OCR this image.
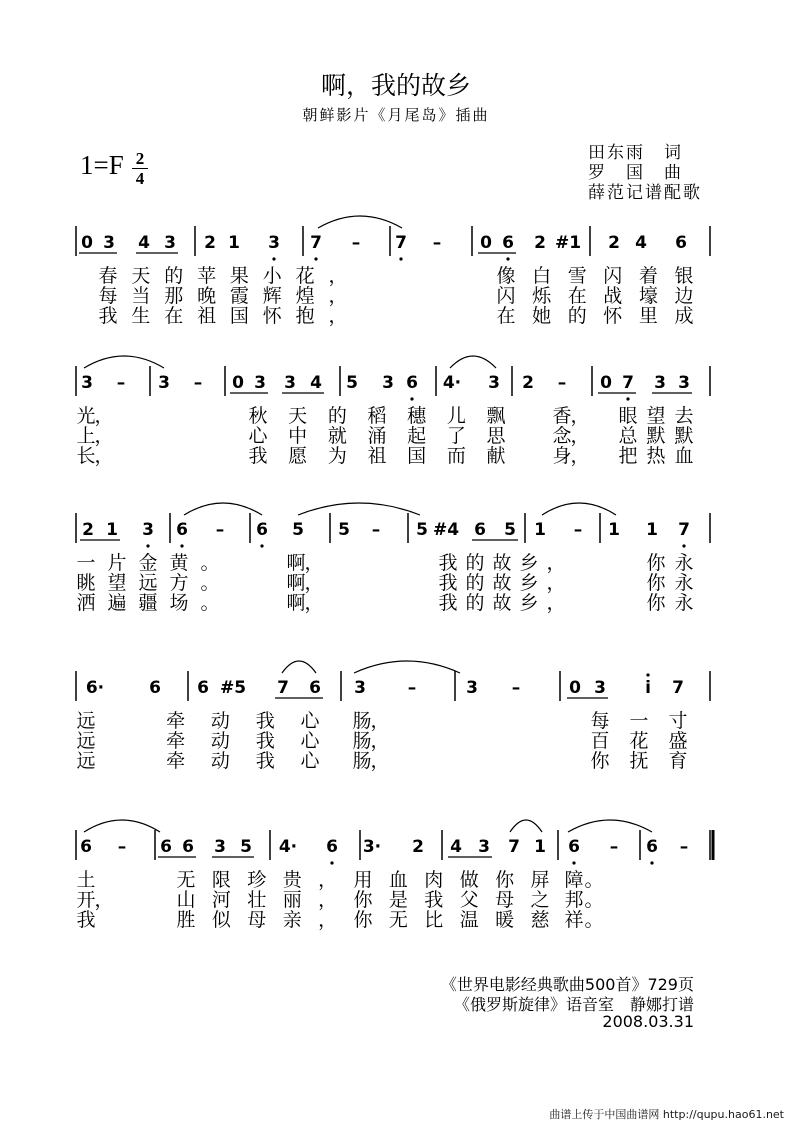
啊，我的故乡
朝鲜影片《月尾岛》插曲
1=F 2
4
田东雨　词
罗　国　曲
薛范记谱配歌
0 3 4 3 2 1 3 7 – 7 – 0 6 2 #1 2 4 6
春 天 的 苹 果 小 花 ，	像 白 雪 闪 着 银
每 当 那 晚 霞 辉 煌 ，	闪 烁 在 战 壕 边
我 生 在 祖 国 怀 抱 ，	在 她 的 怀 里 成
3 – 3 – 0 3 3 4 5 3 6 4· 3 2 – 0 7 3 3
光
，	秋 天 的 稻 穗 儿 飘 香
， 眼 望 去
上
，	心 中 就 涌 起 了 思 念
， 总 默 默
长
，	我 愿 为 祖 国 而 献 身
， 把 热 血
2 1 3 6 – 6 5 5 – 5 #4 6 5 1 – 1 1 7
一 片 金 黄 。	啊
，	我 的 故 乡 ，	你 永
眺 望 远 方 。	啊
，	我 的 故 乡 ，	你 永
洒 遍 疆 场 。	啊
，	我 的 故 乡 ，	你 永
6·	6 6 #5 7 6 3 –	3 –	0 3 i 7
远
　	牵 动 我 心 肠
，	每 一 寸
远
　	牵 动 我 心 肠
，	百 花 盛
远
　	牵 动 我 心 肠
，	你 抚 育
6 – 6 6 3 5 4· 6 3· 2 4 3 7 1 6 – 6 –
土	无 限 珍 贵 ， 用 血 肉 做 你 屏 障 。
开
，	山 河 壮 丽 ， 你 是 我 父 母 之 邦 。
我	胜 似 母 亲 ， 你 无 比 温 暖 慈 祥 。
《世界电影经典歌曲500首》729页
《俄罗斯旋律》语音室　静娜打谱
2008.03.31
曲谱上传于中国曲谱网 http://qupu.hao61.net
